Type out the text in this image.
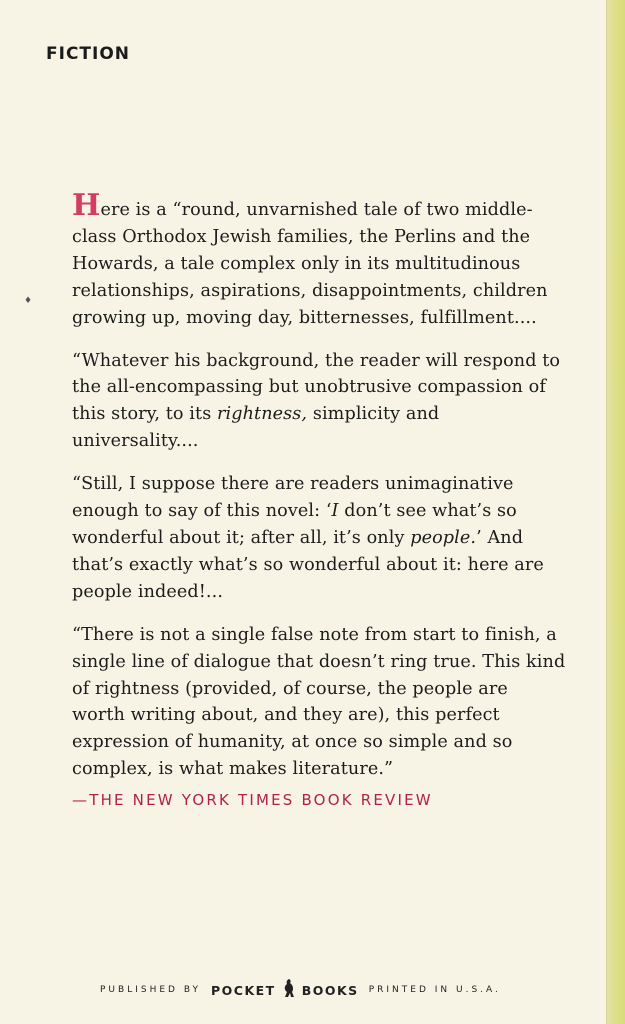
♦
FICTION

Here is a “round, unvarnished tale of two middle-class Orthodox Jewish families, the Perlins and the Howards, a tale complex only in its multitudinous relationships, aspirations, disappointments, children growing up, moving day, bitternesses, fulfillment....

“Whatever his background, the reader will respond to the all-encompassing but unobtrusive compassion of this story, to its rightness, simplicity and universality....

“Still, I suppose there are readers unimaginative enough to say of this novel: ‘I don’t see what’s so wonderful about it; after all, it’s only people.’ And that’s exactly what’s so wonderful about it: here are people indeed!...

“There is not a single false note from start to finish, a single line of dialogue that doesn’t ring true. This kind of rightness (provided, of course, the people are worth writing about, and they are), this perfect expression of humanity, at once so simple and so complex, is what makes literature.”

—THE NEW YORK TIMES BOOK REVIEW
PUBLISHED BY POCKET BOOKS PRINTED IN U.S.A.
